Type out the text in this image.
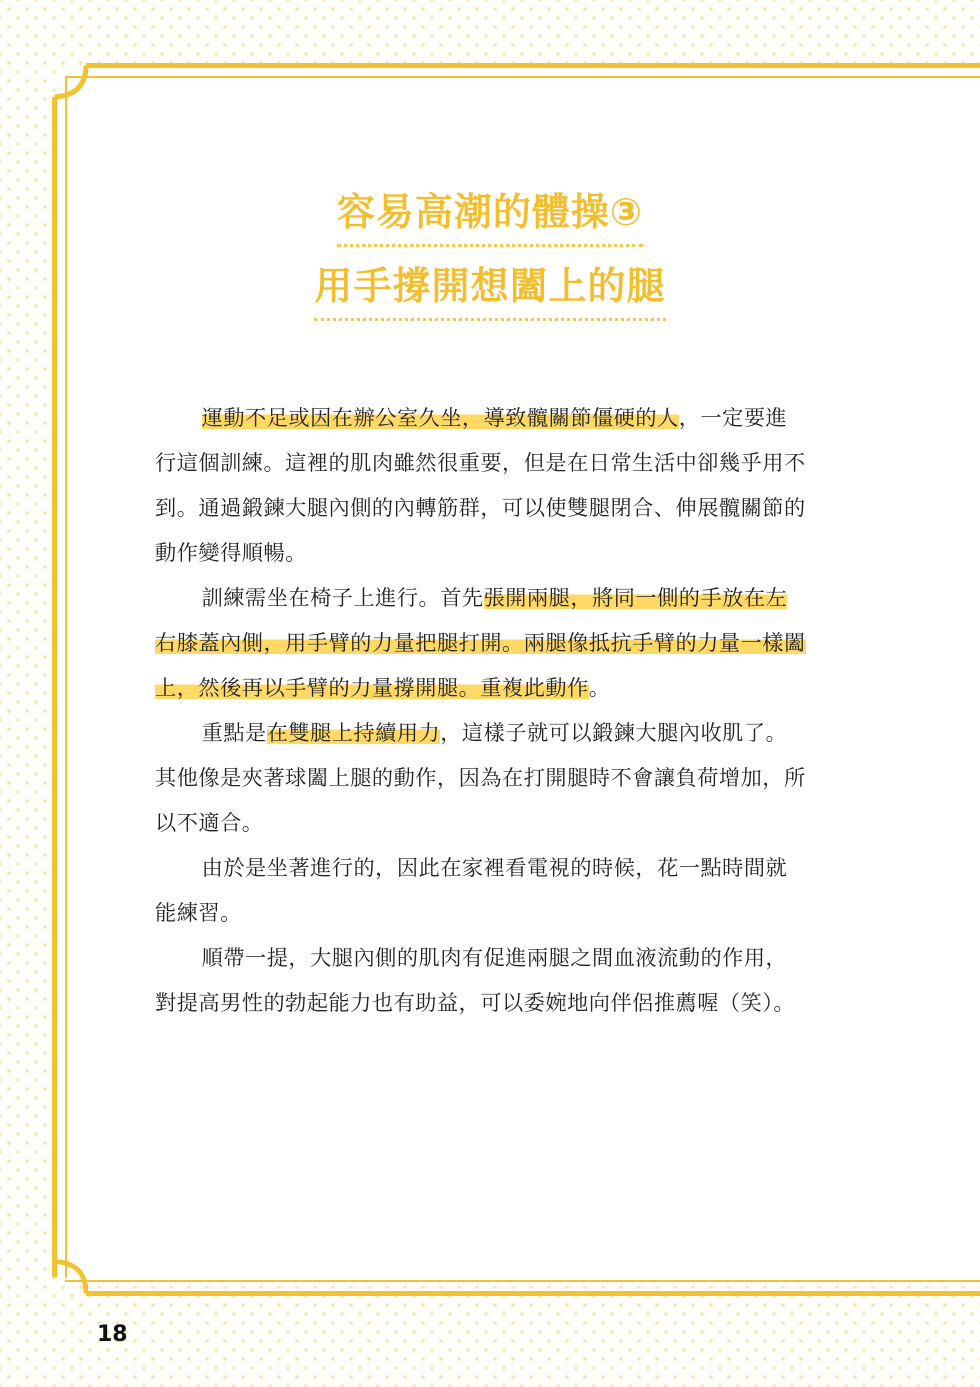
容易高潮的體操③
用手撐開想闔上的腿

運動不足或因在辦公室久坐，導致髖關節僵硬的人，一定要進行這個訓練。這裡的肌肉雖然很重要，但是在日常生活中卻幾乎用不到。通過鍛鍊大腿內側的內轉筋群，可以使雙腿閉合、伸展髖關節的動作變得順暢。

訓練需坐在椅子上進行。首先張開兩腿，將同一側的手放在左右膝蓋內側，用手臂的力量把腿打開。兩腿像抵抗手臂的力量一樣闔上，然後再以手臂的力量撐開腿。重複此動作。

重點是在雙腿上持續用力，這樣子就可以鍛鍊大腿內收肌了。其他像是夾著球闔上腿的動作，因為在打開腿時不會讓負荷增加，所以不適合。

由於是坐著進行的，因此在家裡看電視的時候，花一點時間就能練習。

順帶一提，大腿內側的肌肉有促進兩腿之間血液流動的作用，對提高男性的勃起能力也有助益，可以委婉地向伴侶推薦喔（笑）。

18
